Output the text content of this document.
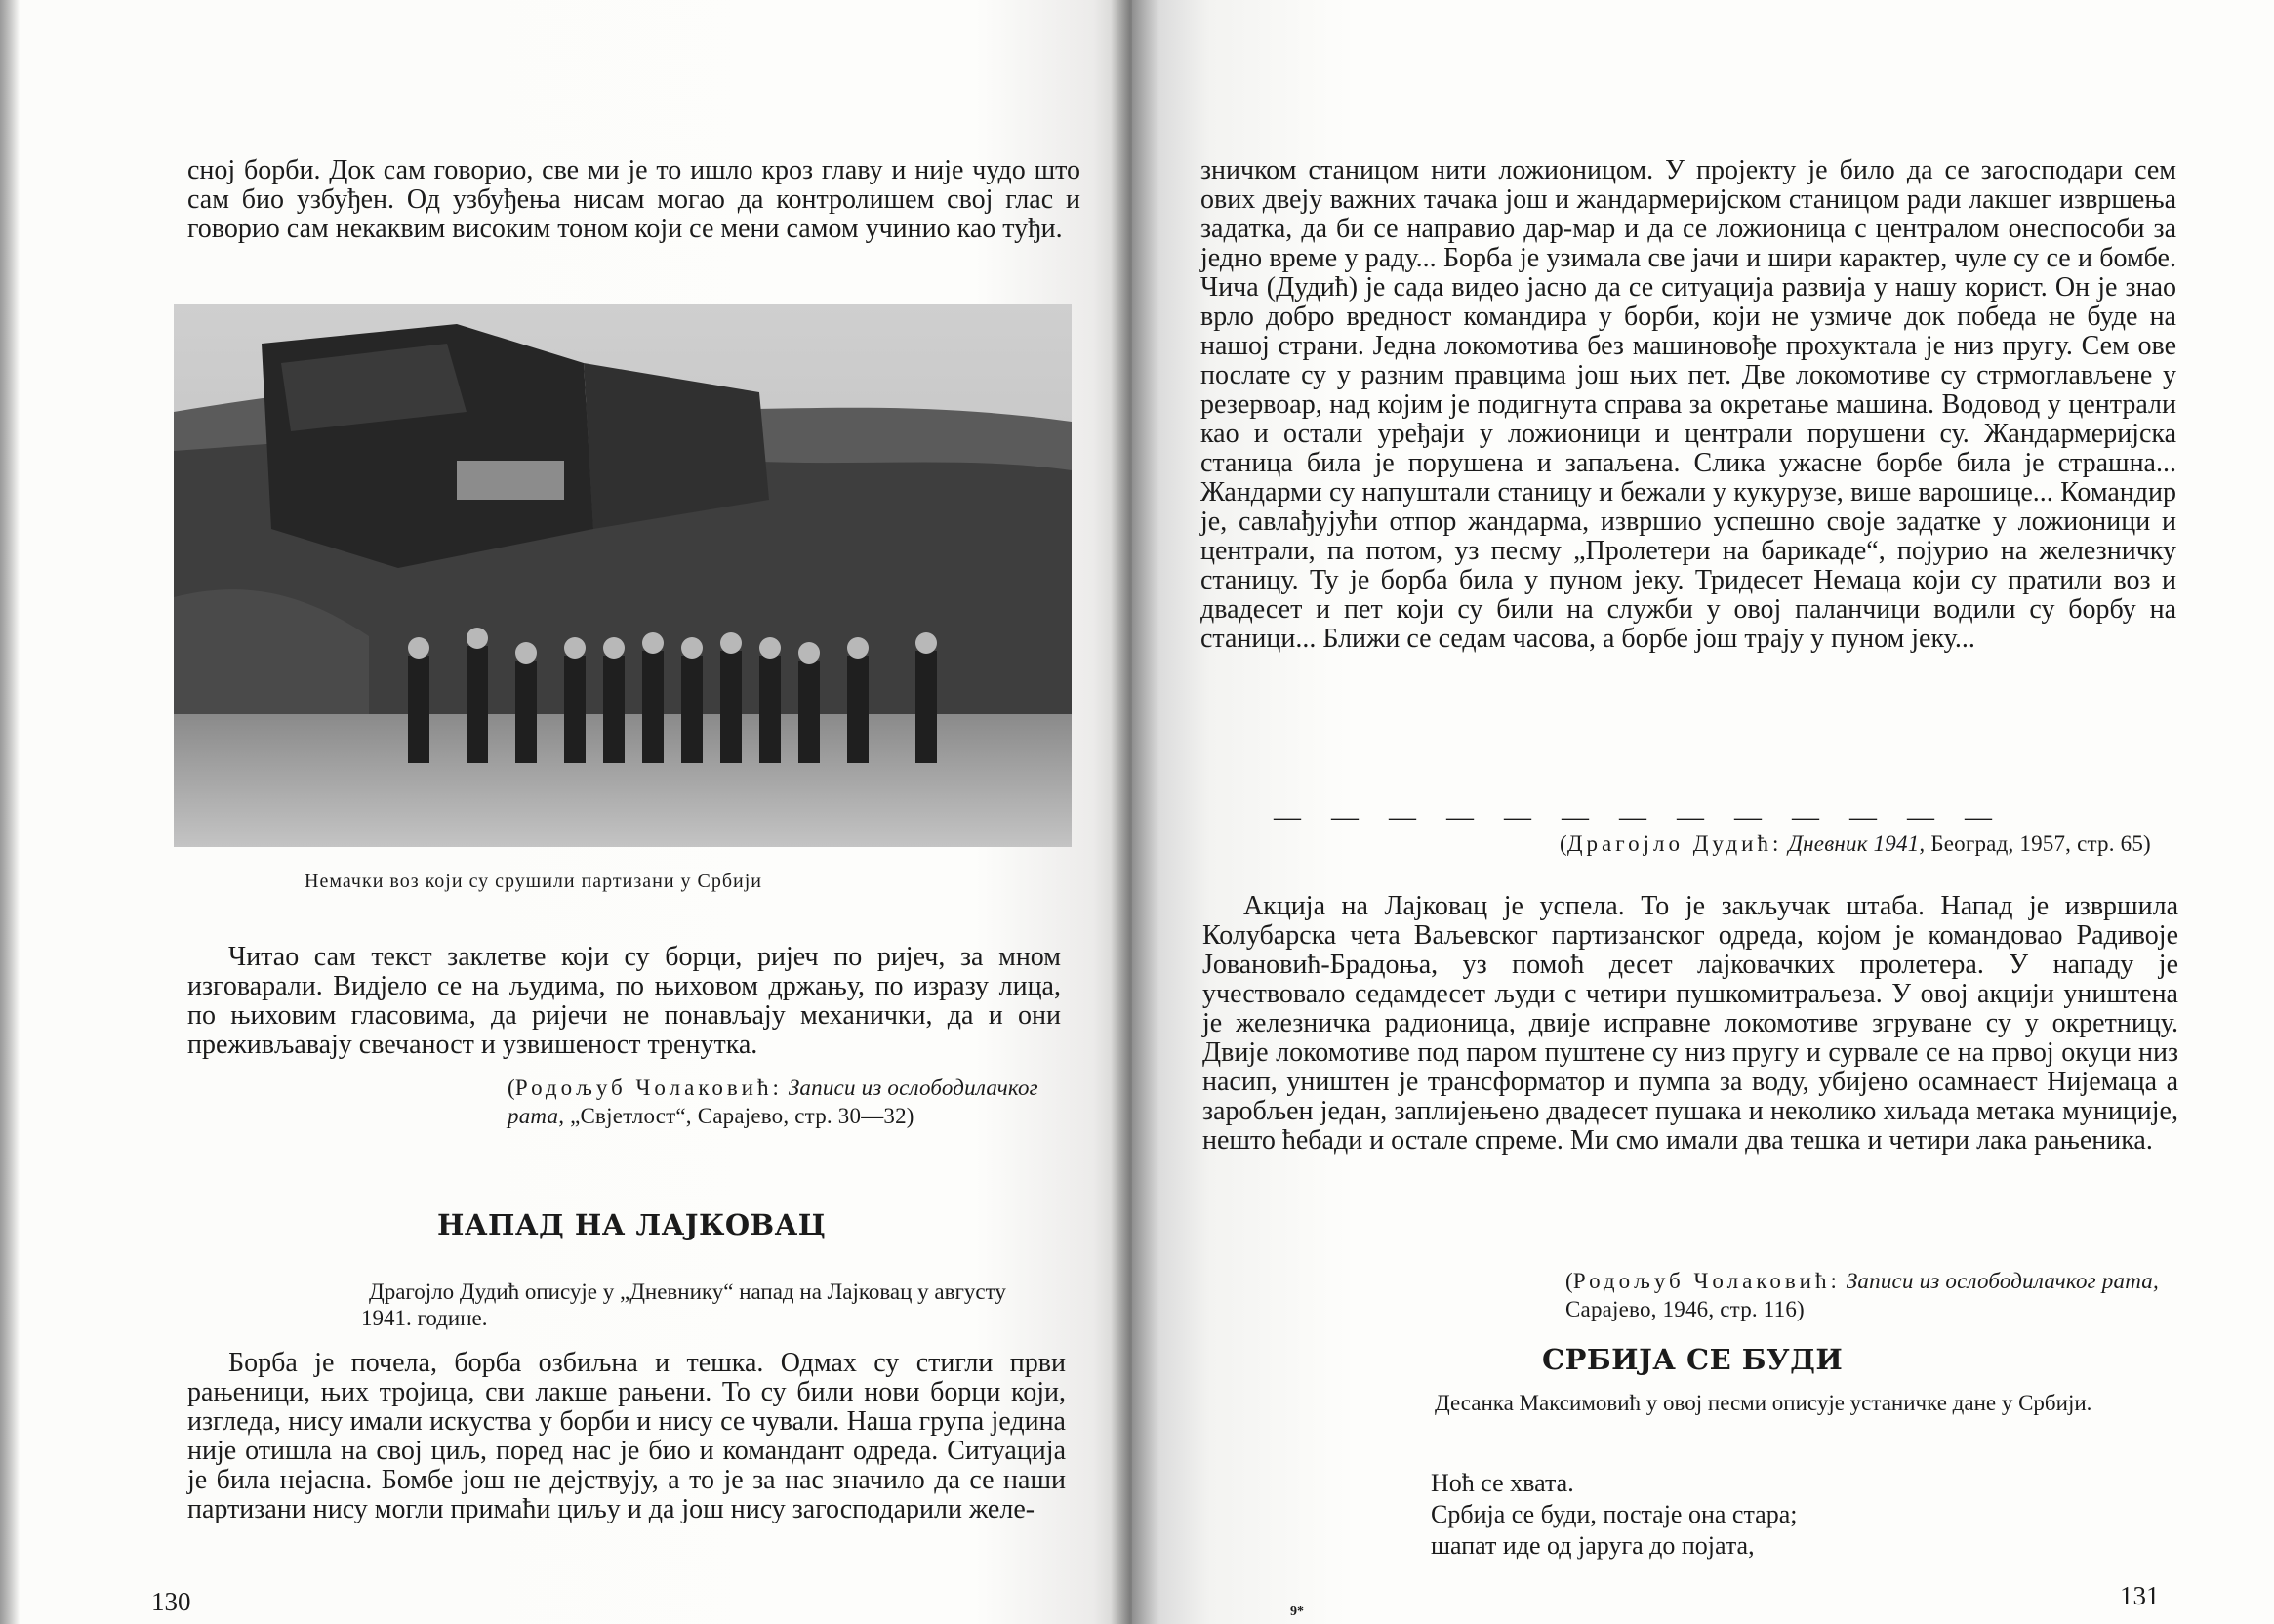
снoj борби. Док сам говорио, све ми је то ишло кроз главу и није чудо што сам био узбуђен. Од узбуђења нисам могао да контролишем свој глас и говорио сам некаквим високим тоном који се мени самом учинио као туђи.

Немачки воз који су срушили партизани у Србији

Читао сам текст заклетве који су борци, ријеч по ријеч, за мном изговарали. Видјело се на људима, по њиховом држању, по изразу лица, по њиховим гласовима, да ријечи не понављају механички, да и они преживљавају свечаност и узвишеност тренутка.

(Родољуб Чолаковић: Записи из ослободилачког рата, „Свјетлост“, Сарајево, стр. 30—32)
НАПАД НА ЛАЈКОВАЦ
Драгојло Дудић описује у „Дневнику“ напад на Лајковац у августу 1941. године.

Борба је почела, борба озбиљна и тешка. Одмах су стигли први рањеници, њих тројица, сви лакше рањени. То су били нови борци који, изгледа, нису имали искуства у борби и нису се чували. Наша група једина није отишла на свој циљ, поред нас је био и командант одреда. Ситуација је била нејасна. Бомбе још не дејствују, а то је за нас значило да се наши партизани нису могли примаћи циљу и да још нису загосподарили желе-

130

зничком станицом нити ложионицом. У пројекту је било да се загосподари сем ових двеју важних тачака још и жандармеријском станицом ради лакшег извршења задатка, да би се направио дар-мар и да се ложионица с централом онеспособи за једно време у раду... Борба је узимала све јачи и шири карактер, чуле су се и бомбе. Чича (Дудић) је сада видео јасно да се ситуација развија у нашу корист. Он је знао врло добро вредност командира у борби, који не узмиче док победа не буде на нашој страни. Једна локомотива без машиновође прохуктала је низ пругу. Сем ове послате су у разним правцима још њих пет. Две локомотиве су стрмоглављене у резервоар, над којим је подигнута справа за окретање машина. Водовод у централи као и остали уређаји у ложионици и централи порушени су. Жандармеријска станица била је порушена и запаљена. Слика ужасне борбе била је страшна... Жандарми су напуштали станицу и бежали у кукурузе, више варошице... Командир је, савлађујући отпор жандарма, извршио успешно своје задатке у ложионици и централи, па потом, уз песму „Пролетери на барикаде“, појурио на железничку станицу. Ту је борба била у пуном јеку. Тридесет Немаца који су пратили воз и двадесет и пет који су били на служби у овој паланчици водили су борбу на станици... Ближи се седам часова, а борбе још трају у пуном јеку...

— — — — — — — — — — — — —
(Драгојло Дудић: Дневник 1941, Београд, 1957, стр. 65)

Акција на Лајковац је успела. То је закључак штаба. Напад је извршила Колубарска чета Ваљевског партизанског одреда, којом је командовао Радивоје Јовановић-Брадоња, уз помоћ десет лајковачких пролетера. У нападу је учествовало седамдесет људи с четири пушкомитраљеза. У овој акцији уништена је железничка радионица, двије исправне локомотиве згруване су у окретницу. Двије локомотиве под паром пуштене су низ пругу и сурвале се на првој окуци низ насип, уништен је трансформатор и пумпа за воду, убијено осамнаест Нијемаца а заробљен један, заплијењено двадесет пушака и неколико хиљада метака муниције, нешто ћебади и остале спреме. Ми смо имали два тешка и четири лака рањеника.

(Родољуб Чолаковић: Записи из ослободилачког рата, Сарајево, 1946, стр. 116)
СРБИЈА СЕ БУДИ
Десанка Максимовић у овој песми описује устаничке дане у Србији.
Ноћ се хвата.
Србија се буди, постаје она стара;
шапат иде од јаруга до појата,
9*
131
